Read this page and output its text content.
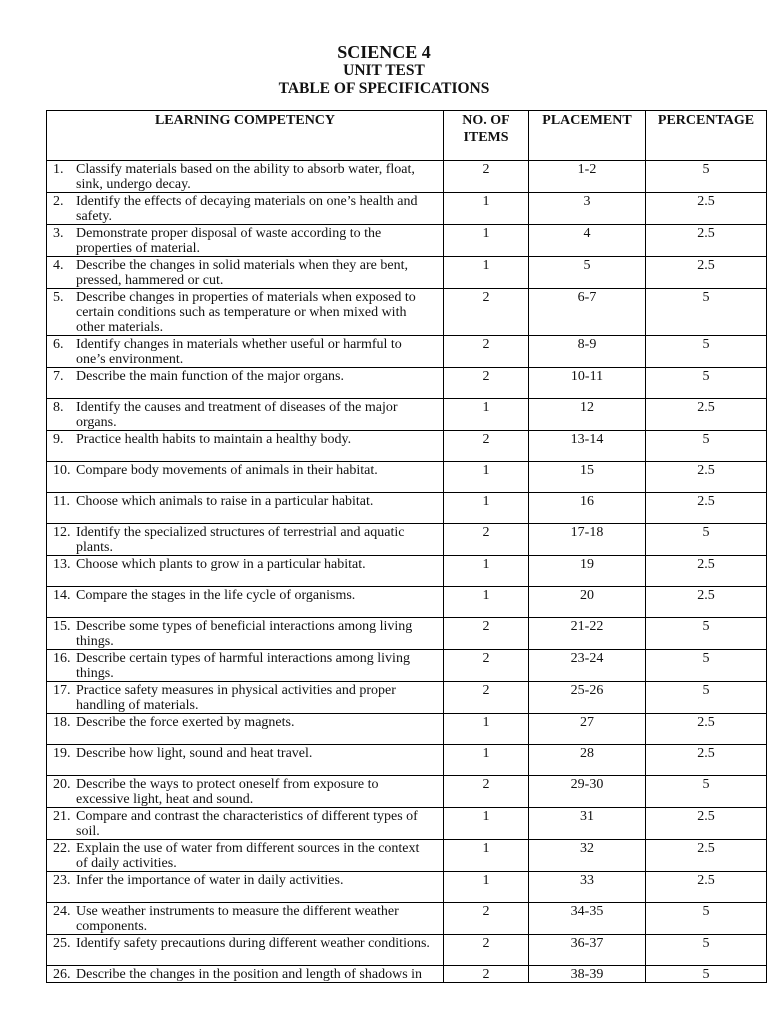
SCIENCE 4
UNIT TEST
TABLE OF SPECIFICATIONS
LEARNING COMPETENCY	NO. OF ITEMS	PLACEMENT	PERCENTAGE

1. Classify materials based on the ability to absorb water, float, sink, undergo decay.	2	1-2	5

2. Identify the effects of decaying materials on one’s health and safety.	1	3	2.5

3. Demonstrate proper disposal of waste according to the properties of material.	1	4	2.5

4. Describe the changes in solid materials when they are bent, pressed, hammered or cut.	1	5	2.5

5. Describe changes in properties of materials when exposed to certain conditions such as temperature or when mixed with other materials.	2	6-7	5

6. Identify changes in materials whether useful or harmful to one’s environment.	2	8-9	5

7. Describe the main function of the major organs.	2	10-11	5

8. Identify the causes and treatment of diseases of the major organs.	1	12	2.5

9. Practice health habits to maintain a healthy body.	2	13-14	5

10. Compare body movements of animals in their habitat.	1	15	2.5

11. Choose which animals to raise in a particular habitat.	1	16	2.5

12. Identify the specialized structures of terrestrial and aquatic plants.	2	17-18	5

13. Choose which plants to grow in a particular habitat.	1	19	2.5

14. Compare the stages in the life cycle of organisms.	1	20	2.5

15. Describe some types of beneficial interactions among living things.	2	21-22	5

16. Describe certain types of harmful interactions among living things.	2	23-24	5

17. Practice safety measures in physical activities and proper handling of materials.	2	25-26	5

18. Describe the force exerted by magnets.	1	27	2.5

19. Describe how light, sound and heat travel.	1	28	2.5

20. Describe the ways to protect oneself from exposure to excessive light, heat and sound.	2	29-30	5

21. Compare and contrast the characteristics of different types of soil.	1	31	2.5

22. Explain the use of water from different sources in the context of daily activities.	1	32	2.5

23. Infer the importance of water in daily activities.	1	33	2.5

24. Use weather instruments to measure the different weather components.	2	34-35	5

25. Identify safety precautions during different weather conditions.	2	36-37	5

26. Describe the changes in the position and length of shadows in	2	38-39	5
